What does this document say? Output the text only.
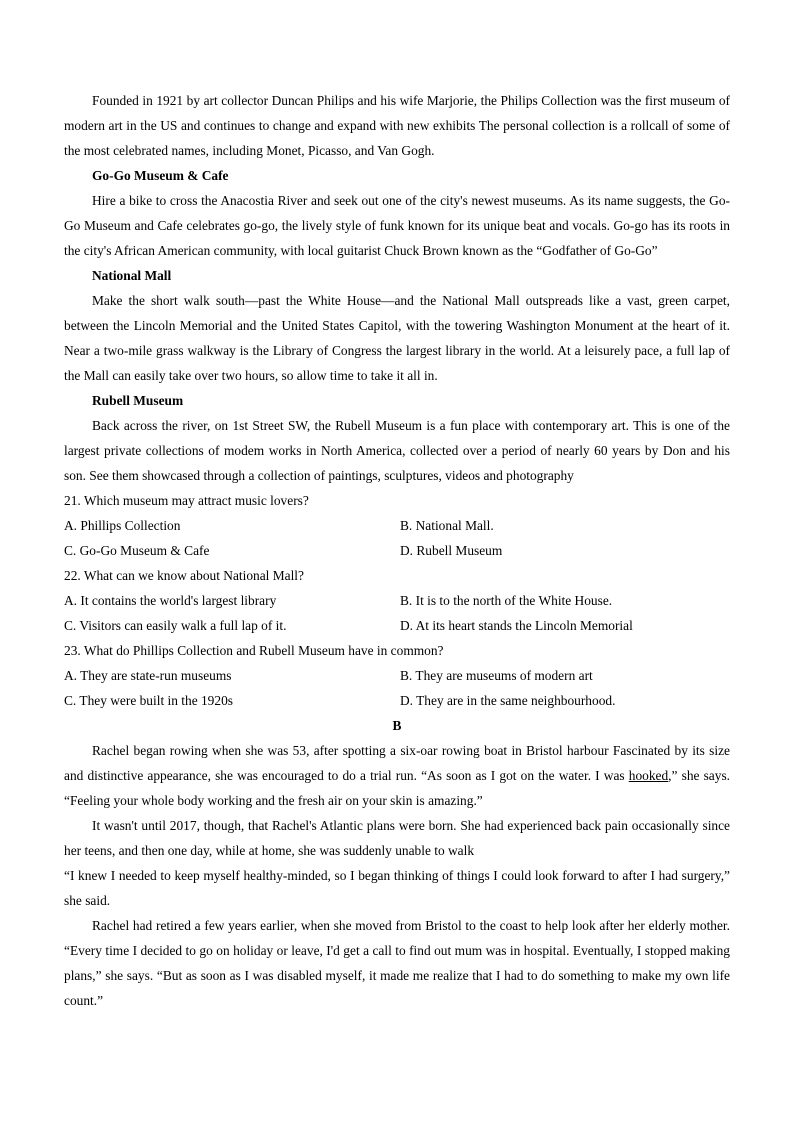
Founded in 1921 by art collector Duncan Philips and his wife Marjorie, the Philips Collection was the first museum of modern art in the US and continues to change and expand with new exhibits The personal collection is a rollcall of some of the most celebrated names, including Monet, Picasso, and Van Gogh.

Go-Go Museum & Cafe

Hire a bike to cross the Anacostia River and seek out one of the city's newest museums. As its name suggests, the Go-Go Museum and Cafe celebrates go-go, the lively style of funk known for its unique beat and vocals. Go-go has its roots in the city's African American community, with local guitarist Chuck Brown known as the “Godfather of Go-Go”

National Mall

Make the short walk south—past the White House—and the National Mall outspreads like a vast, green carpet, between the Lincoln Memorial and the United States Capitol, with the towering Washington Monument at the heart of it. Near a two-mile grass walkway is the Library of Congress the largest library in the world. At a leisurely pace, a full lap of the Mall can easily take over two hours, so allow time to take it all in.

Rubell Museum

Back across the river, on 1st Street SW, the Rubell Museum is a fun place with contemporary art. This is one of the largest private collections of modem works in North America, collected over a period of nearly 60 years by Don and his son. See them showcased through a collection of paintings, sculptures, videos and photography

21. Which museum may attract music lovers?

A. Phillips Collection	B. National Mall.
C. Go-Go Museum & Cafe	D. Rubell Museum

22. What can we know about National Mall?

A. It contains the world's largest library	B. It is to the north of the White House.
C. Visitors can easily walk a full lap of it.	D. At its heart stands the Lincoln Memorial

23. What do Phillips Collection and Rubell Museum have in common?

A. They are state-run museums	B. They are museums of modern art
C. They were built in the 1920s	D. They are in the same neighbourhood.

B

Rachel began rowing when she was 53, after spotting a six-oar rowing boat in Bristol harbour Fascinated by its size and distinctive appearance, she was encouraged to do a trial run. “As soon as I got on the water. I was hooked,” she says. “Feeling your whole body working and the fresh air on your skin is amazing.”

It wasn't until 2017, though, that Rachel's Atlantic plans were born. She had experienced back pain occasionally since her teens, and then one day, while at home, she was suddenly unable to walk

“I knew I needed to keep myself healthy-minded, so I began thinking of things I could look forward to after I had surgery,” she said.

Rachel had retired a few years earlier, when she moved from Bristol to the coast to help look after her elderly mother. “Every time I decided to go on holiday or leave, I'd get a call to find out mum was in hospital. Eventually, I stopped making plans,” she says. “But as soon as I was disabled myself, it made me realize that I had to do something to make my own life count.”
